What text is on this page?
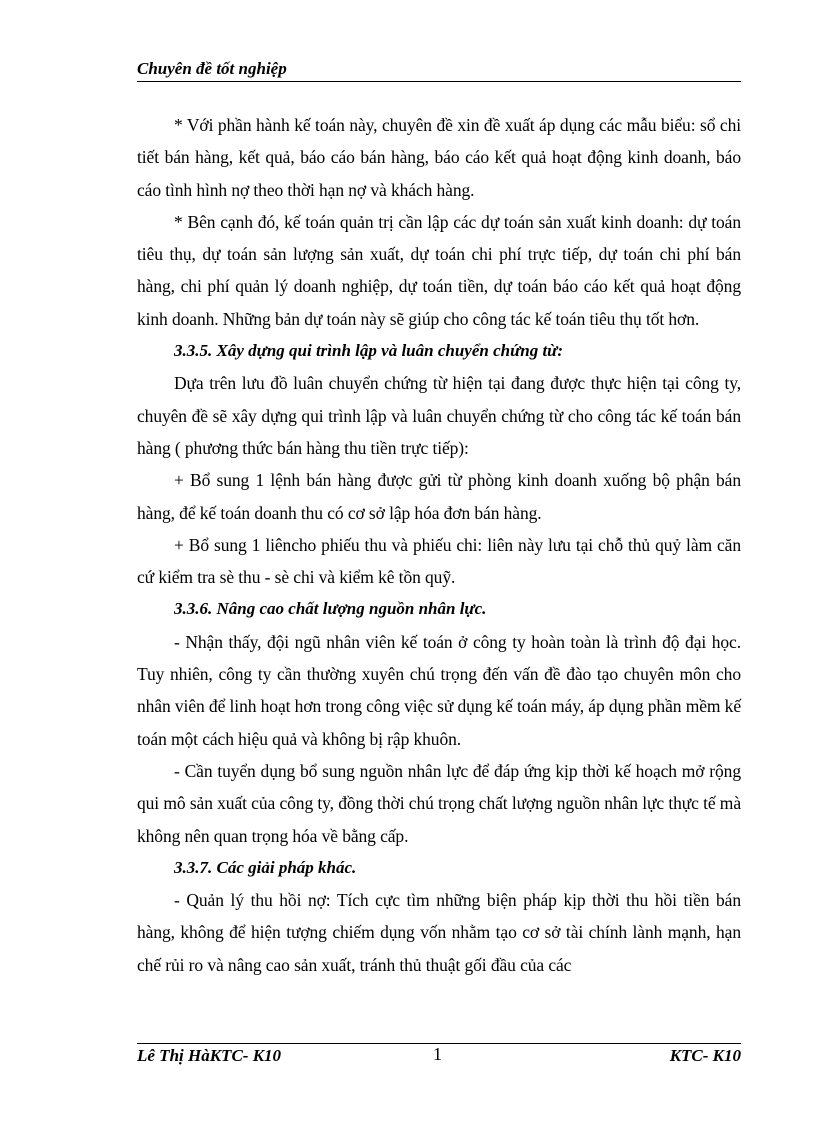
Chuyên đề tốt nghiệp

* Với phần hành kế toán này, chuyên đề xin đề xuất áp dụng các mẫu biểu: sổ chi tiết bán hàng, kết quả, báo cáo bán hàng, báo cáo kết quả hoạt động kinh doanh, báo cáo tình hình nợ theo thời hạn nợ và khách hàng.

* Bên cạnh đó, kế toán quản trị cần lập các dự toán sản xuất kinh doanh: dự toán tiêu thụ, dự toán sản lượng sản xuất, dự toán chi phí trực tiếp, dự toán chi phí bán hàng, chi phí quản lý doanh nghiệp, dự toán tiền, dự toán báo cáo kết quả hoạt động kinh doanh. Những bản dự toán này sẽ giúp cho công tác kế toán tiêu thụ tốt hơn.

3.3.5. Xây dựng qui trình lập và luân chuyển chứng từ:

Dựa trên lưu đồ luân chuyển chứng từ hiện tại đang được thực hiện tại công ty, chuyên đề sẽ xây dựng qui trình lập và luân chuyển chứng từ cho công tác kế toán bán hàng ( phương thức bán hàng thu tiền trực tiếp):

+ Bổ sung 1 lệnh bán hàng được gửi từ phòng kinh doanh xuống bộ phận bán hàng, để kế toán doanh thu có cơ sở lập hóa đơn bán hàng.

+ Bổ sung 1 liêncho phiếu thu và phiếu chi: liên này lưu tại chỗ thủ quỷ làm căn cứ kiểm tra sè thu - sè chi và kiểm kê tồn quỹ.

3.3.6. Nâng cao chất lượng nguồn nhân lực.

- Nhận thấy, đội ngũ nhân viên kế toán ở công ty hoàn toàn là trình độ đại học. Tuy nhiên, công ty cần thường xuyên chú trọng đến vấn đề đào tạo chuyên môn cho nhân viên để linh hoạt hơn trong công việc sử dụng kế toán máy, áp dụng phần mềm kế toán một cách hiệu quả và không bị rập khuôn.

- Cần tuyển dụng bổ sung nguồn nhân lực để đáp ứng kịp thời kế hoạch mở rộng qui mô sản xuất của công ty, đồng thời chú trọng chất lượng nguồn nhân lực thực tế mà không nên quan trọng hóa về bằng cấp.

3.3.7. Các giải pháp khác.

- Quản lý thu hồi nợ: Tích cực tìm những biện pháp kịp thời thu hồi tiền bán hàng, không để hiện tượng chiếm dụng vốn nhằm tạo cơ sở tài chính lành mạnh, hạn chế rủi ro và nâng cao sản xuất, tránh thủ thuật gối đầu của các

Lê Thị HàKTC- K10	1	KTC- K10
